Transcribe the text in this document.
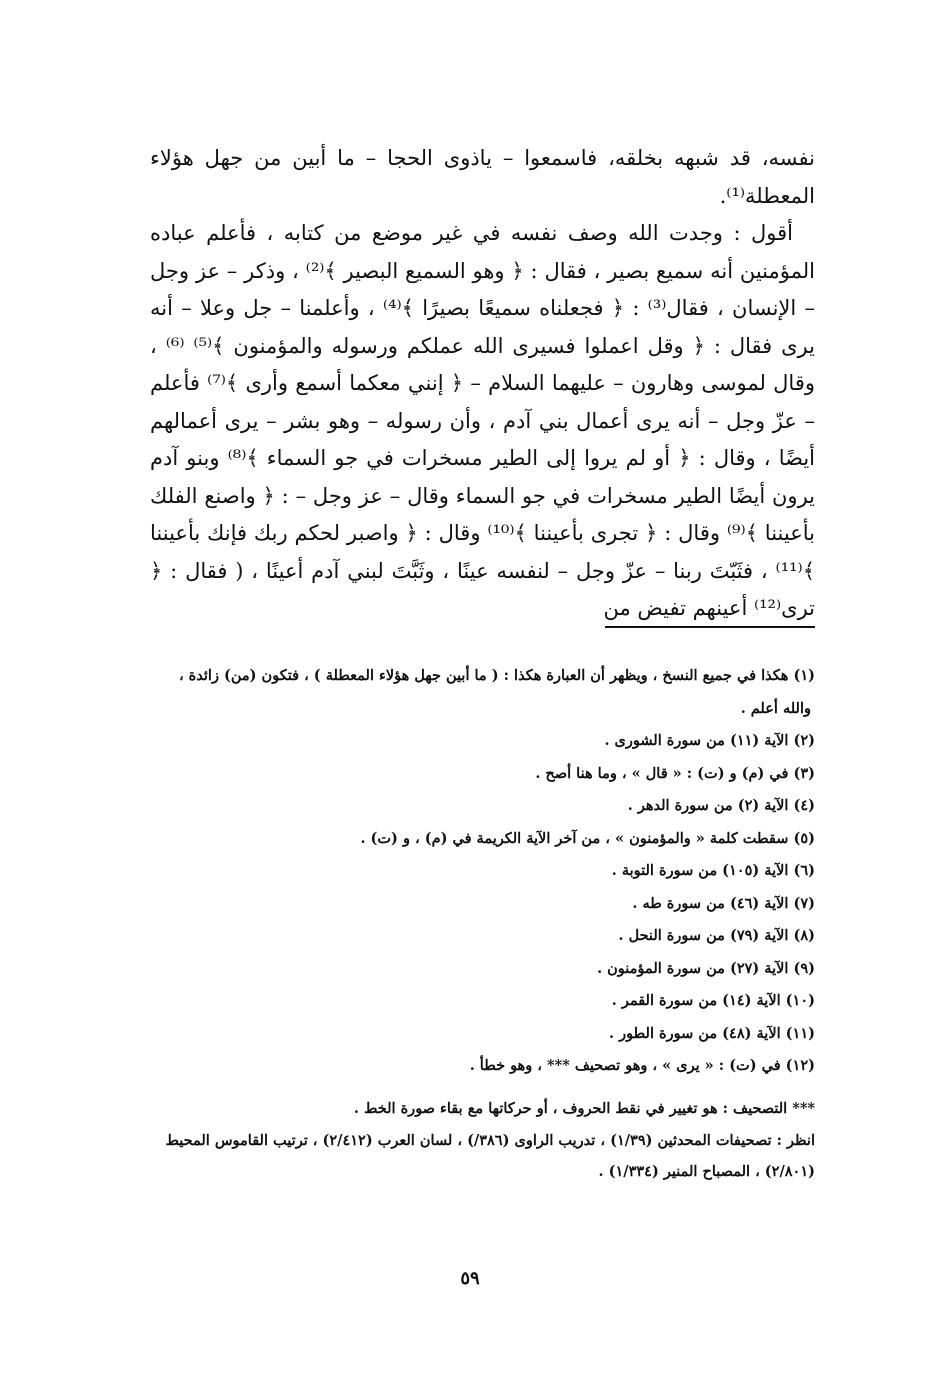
نفسه، قد شبهه بخلقه، فاسمعوا – ياذوى الحجا – ما أبين من جهل هؤلاء المعطلة⁽¹⁾.

أقول : وجدت الله وصف نفسه في غير موضع من كتابه ، فأعلم عباده المؤمنين أنه سميع بصير ، فقال : ﴿ وهو السميع البصير ﴾⁽²⁾ ، وذكر – عز وجل – الإنسان ، فقال⁽³⁾ : ﴿ فجعلناه سميعًا بصيرًا ﴾⁽⁴⁾ ، وأعلمنا – جل وعلا – أنه يرى فقال : ﴿ وقل اعملوا فسيرى الله عملكم ورسوله والمؤمنون ﴾⁽⁵⁾ ⁽⁶⁾ ، وقال لموسى وهارون – عليهما السلام – ﴿ إنني معكما أسمع وأرى ﴾⁽⁷⁾ فأعلم – عزّ وجل – أنه يرى أعمال بني آدم ، وأن رسوله – وهو بشر – يرى أعمالهم أيضًا ، وقال : ﴿ أو لم يروا إلى الطير مسخرات في جو السماء ﴾⁽⁸⁾ وبنو آدم يرون أيضًا الطير مسخرات في جو السماء وقال – عز وجل – : ﴿ واصنع الفلك بأعيننا ﴾⁽⁹⁾ وقال : ﴿ تجرى بأعيننا ﴾⁽¹⁰⁾ وقال : ﴿ واصبر لحكم ربك فإنك بأعيننا ﴾⁽¹¹⁾ ، فثَبّتَ ربنا – عزّ وجل – لنفسه عينًا ، وثَبَّتَ لبني آدم أعينًا ، ( فقال : ﴿ ترى⁽¹²⁾ أعينهم تفيض من

(١) هكذا في جميع النسخ ، ويظهر أن العبارة هكذا : ( ما أبين جهل هؤلاء المعطلة ) ، فتكون (من) زائدة ،

والله أعلم .

(٢) الآية (١١) من سورة الشورى .

(٣) في (م) و (ت) : « قال » ، وما هنا أصح .

(٤) الآية (٢) من سورة الدهر .

(٥) سقطت كلمة « والمؤمنون » ، من آخر الآية الكريمة في (م) ، و (ت) .

(٦) الآية (١٠٥) من سورة التوبة .

(٧) الآية (٤٦) من سورة طه .

(٨) الآية (٧٩) من سورة النحل .

(٩) الآية (٢٧) من سورة المؤمنون .

(١٠) الآية (١٤) من سورة القمر .

(١١) الآية (٤٨) من سورة الطور .

(١٢) في (ت) : « يرى » ، وهو تصحيف *** ، وهو خطأ .

*** التصحيف : هو تغيير في نقط الحروف ، أو حركاتها مع بقاء صورة الخط .

انظر : تصحيفات المحدثين (١/٣٩) ، تدريب الراوى (٣٨٦/) ، لسان العرب (٢/٤١٢) ، ترتيب القاموس المحيط (٢/٨٠١) ، المصباح المنير (١/٣٣٤) .

٥٩
